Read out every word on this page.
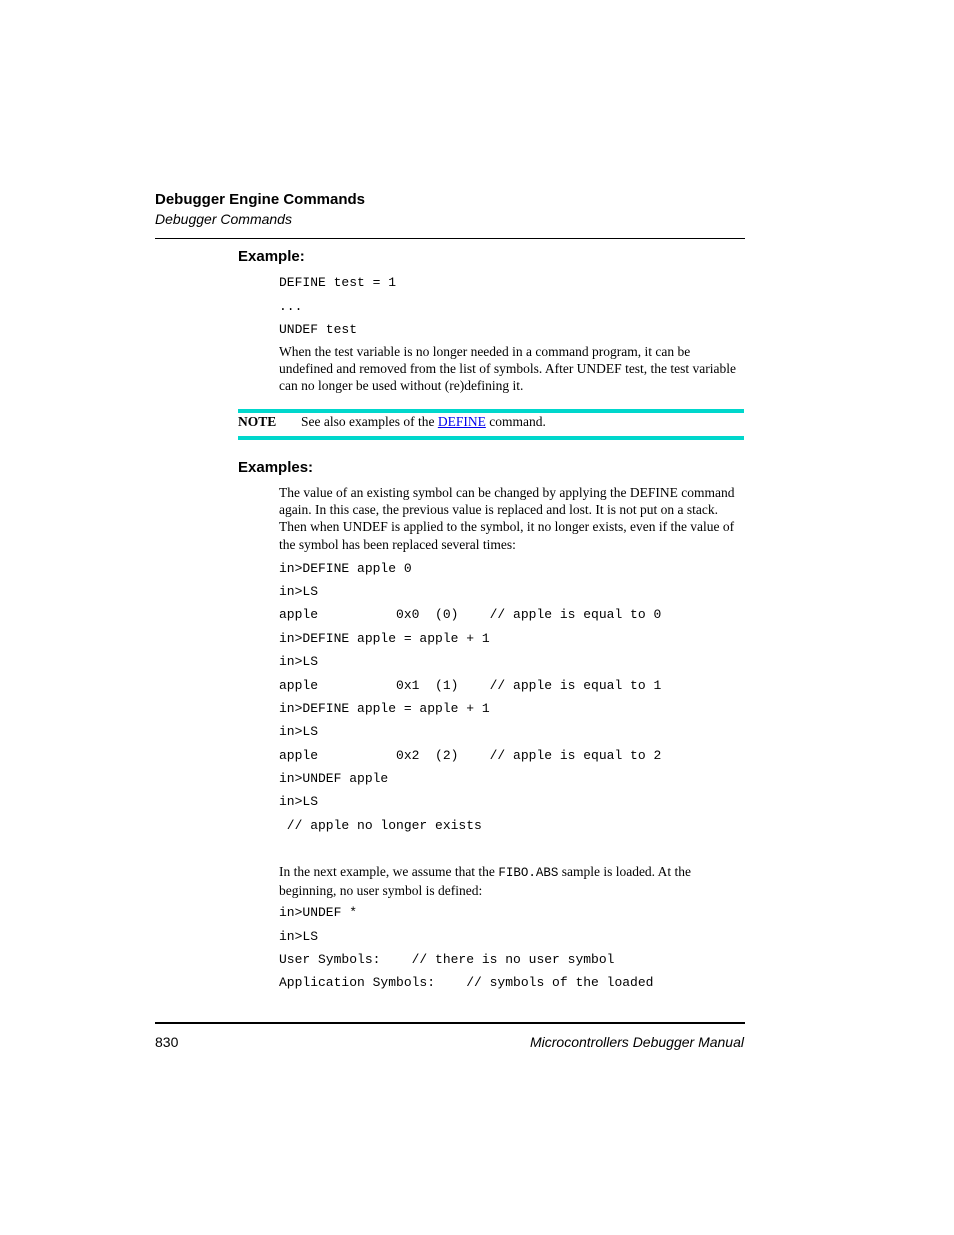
Debugger Engine Commands
Debugger Commands
Example:
DEFINE test = 1
...
UNDEF test
When the test variable is no longer needed in a command program, it can be undefined and removed from the list of symbols. After UNDEF test, the test variable can no longer be used without (re)defining it.
NOTE See also examples of the DEFINE command.
Examples:
The value of an existing symbol can be changed by applying the DEFINE command again. In this case, the previous value is replaced and lost. It is not put on a stack. Then when UNDEF is applied to the symbol, it no longer exists, even if the value of the symbol has been replaced several times:
in>DEFINE apple 0
in>LS
apple          0x0  (0)    // apple is equal to 0
in>DEFINE apple = apple + 1
in>LS
apple          0x1  (1)    // apple is equal to 1
in>DEFINE apple = apple + 1
in>LS
apple          0x2  (2)    // apple is equal to 2
in>UNDEF apple
in>LS
// apple no longer exists
In the next example, we assume that the FIBO.ABS sample is loaded. At the beginning, no user symbol is defined:
in>UNDEF *
in>LS
User Symbols:    // there is no user symbol
Application Symbols:    // symbols of the loaded
830	Microcontrollers Debugger Manual
